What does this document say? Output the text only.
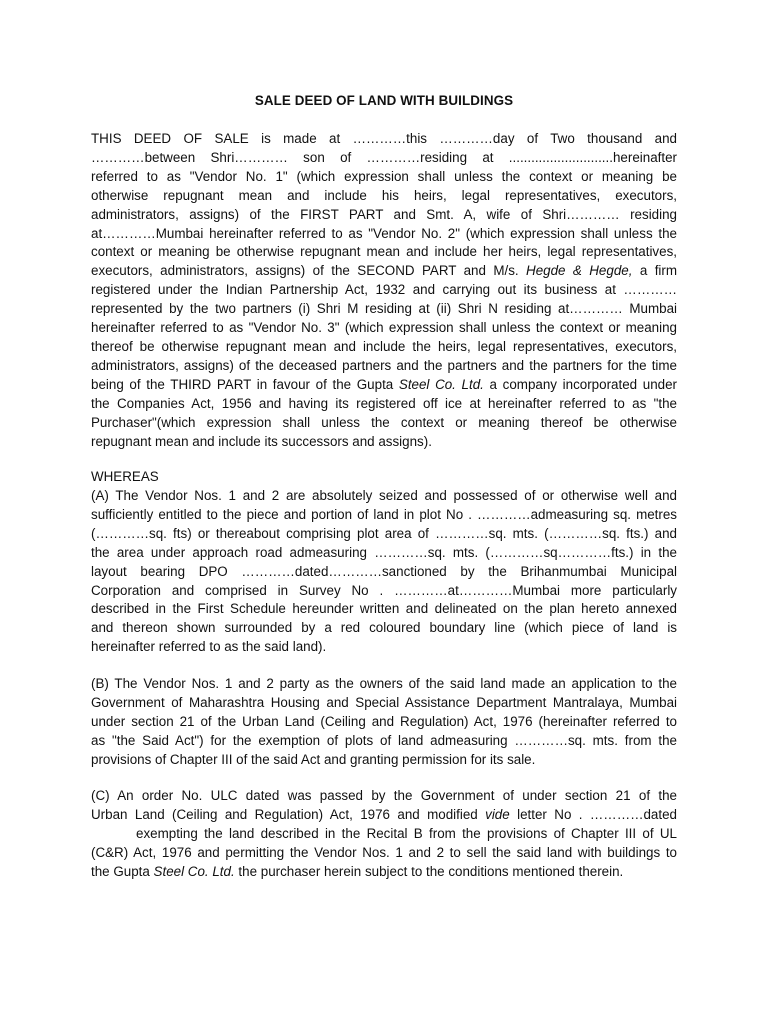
SALE DEED OF LAND WITH BUILDINGS
THIS DEED OF SALE is made at …………this …………day of Two thousand and
…………between Shri………… son of …………residing at ............................hereinafter
referred to as "Vendor No. 1" (which expression shall unless the context or meaning be
otherwise repugnant mean and include his heirs, legal representatives, executors,
administrators, assigns) of the FIRST PART and Smt. A, wife of Shri………… residing
at…………Mumbai hereinafter referred to as "Vendor No. 2" (which expression shall unless the
context or meaning be otherwise repugnant mean and include her heirs, legal representatives,
executors, administrators, assigns) of the SECOND PART and M/s. Hegde & Hegde, a firm
registered under the Indian Partnership Act, 1932 and carrying out its business at …………
represented by the two partners (i) Shri M residing at (ii) Shri N residing at………… Mumbai
hereinafter referred to as "Vendor No. 3" (which expression shall unless the context or meaning
thereof be otherwise repugnant mean and include the heirs, legal representatives, executors,
administrators, assigns) of the deceased partners and the partners and the partners for the time
being of the THIRD PART in favour of the Gupta Steel Co. Ltd. a company incorporated under
the Companies Act, 1956 and having its registered off ice at hereinafter referred to as "the
Purchaser"(which expression shall unless the context or meaning thereof be otherwise
repugnant mean and include its successors and assigns).
WHEREAS
(A) The Vendor Nos. 1 and 2 are absolutely seized and possessed of or otherwise well and
sufficiently entitled to the piece and portion of land in plot No . …………admeasuring sq. metres
(…………sq. fts) or thereabout comprising plot area of …………sq. mts. (…………sq. fts.) and
the area under approach road admeasuring …………sq. mts. (…………sq…………fts.) in the
layout bearing DPO …………dated…………sanctioned by the Brihanmumbai Municipal
Corporation and comprised in Survey No . …………at…………Mumbai more particularly
described in the First Schedule hereunder written and delineated on the plan hereto annexed
and thereon shown surrounded by a red coloured boundary line (which piece of land is
hereinafter referred to as the said land).
(B) The Vendor Nos. 1 and 2 party as the owners of the said land made an application to the
Government of Maharashtra Housing and Special Assistance Department Mantralaya, Mumbai
under section 21 of the Urban Land (Ceiling and Regulation) Act, 1976 (hereinafter referred to
as "the Said Act") for the exemption of plots of land admeasuring …………sq. mts. from the
provisions of Chapter III of the said Act and granting permission for its sale.
(C) An order No. ULC dated was passed by the Government of under section 21 of the
Urban Land (Ceiling and Regulation) Act, 1976 and modified vide letter No . …………dated
exempting the land described in the Recital B from the provisions of Chapter III of UL
(C&R) Act, 1976 and permitting the Vendor Nos. 1 and 2 to sell the said land with buildings to
the Gupta Steel Co. Ltd. the purchaser herein subject to the conditions mentioned therein.
